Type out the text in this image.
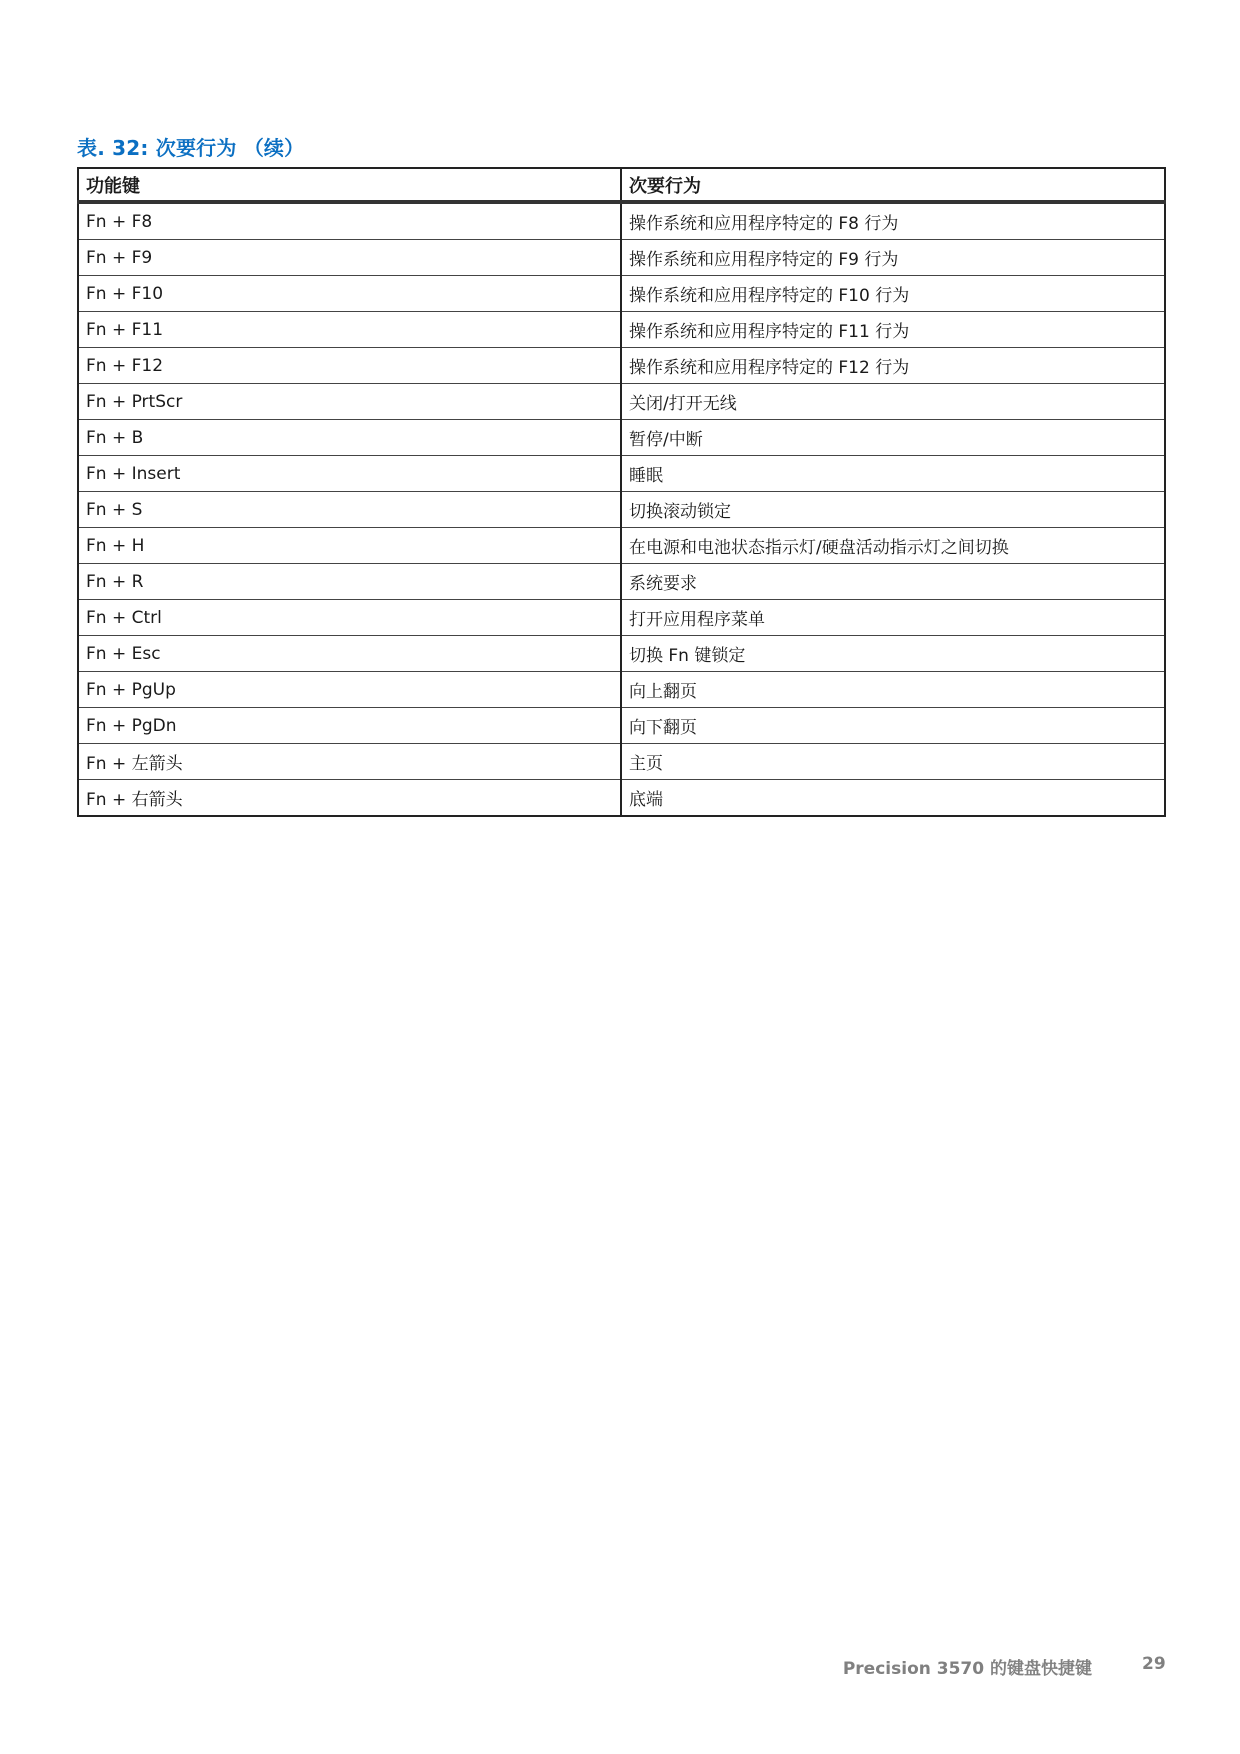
表. 32: 次要行为 （续）
功能键	次要行为
Fn + F8	操作系统和应用程序特定的 F8 行为
Fn + F9	操作系统和应用程序特定的 F9 行为
Fn + F10	操作系统和应用程序特定的 F10 行为
Fn + F11	操作系统和应用程序特定的 F11 行为
Fn + F12	操作系统和应用程序特定的 F12 行为
Fn + PrtScr	关闭/打开无线
Fn + B	暂停/中断
Fn + Insert	睡眠
Fn + S	切换滚动锁定
Fn + H	在电源和电池状态指示灯/硬盘活动指示灯之间切换
Fn + R	系统要求
Fn + Ctrl	打开应用程序菜单
Fn + Esc	切换 Fn 键锁定
Fn + PgUp	向上翻页
Fn + PgDn	向下翻页
Fn + 左箭头	主页
Fn + 右箭头	底端
Precision 3570 的键盘快捷键	29
